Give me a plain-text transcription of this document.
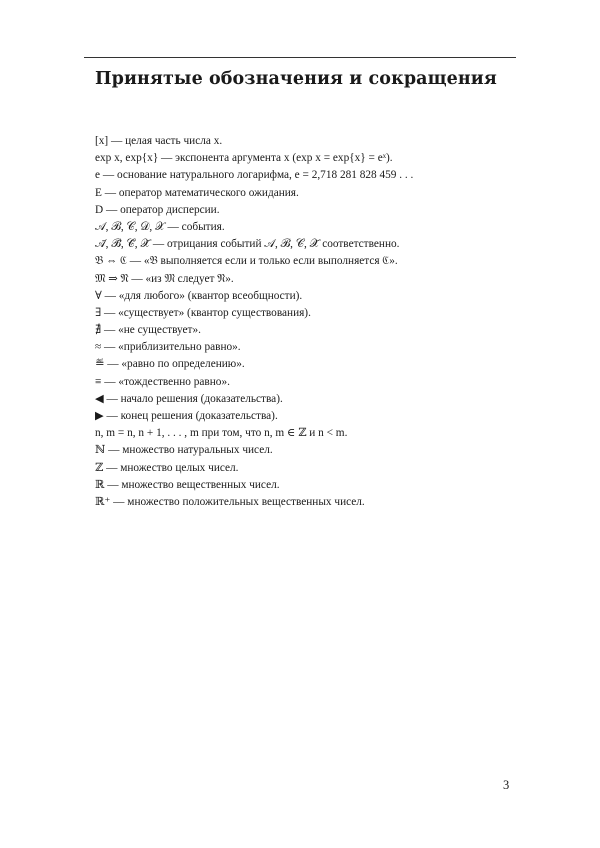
Принятые обозначения и сокращения
[x] — целая часть числа x.
exp x, exp{x} — экспонента аргумента x (exp x = exp{x} = eˣ).
e — основание натурального логарифма, e = 2,718 281 828 459 . . .
E — оператор математического ожидания.
D — оператор дисперсии.
𝒜, ℬ, 𝒞, 𝒟, 𝒳 — события.
𝒜̄, ℬ̄, 𝒞̄, 𝒳̄ — отрицания событий 𝒜, ℬ, 𝒞, 𝒳̄ соответственно.
𝔅 ⇔ ℭ — «𝔅 выполняется если и только если выполняется ℭ».
𝔐 ⇒ 𝔑 — «из 𝔐 следует 𝔑».
∀ — «для любого» (квантор всеобщности).
∃ — «существует» (квантор существования).
∄ — «не существует».
≈ — «приблизительно равно».
≝ — «равно по определению».
≡ — «тождественно равно».
◀ — начало решения (доказательства).
▶ — конец решения (доказательства).
n, m = n, n + 1, . . . , m при том, что n, m ∈ ℤ и n < m.
ℕ — множество натуральных чисел.
ℤ — множество целых чисел.
ℝ — множество вещественных чисел.
ℝ⁺ — множество положительных вещественных чисел.
3
